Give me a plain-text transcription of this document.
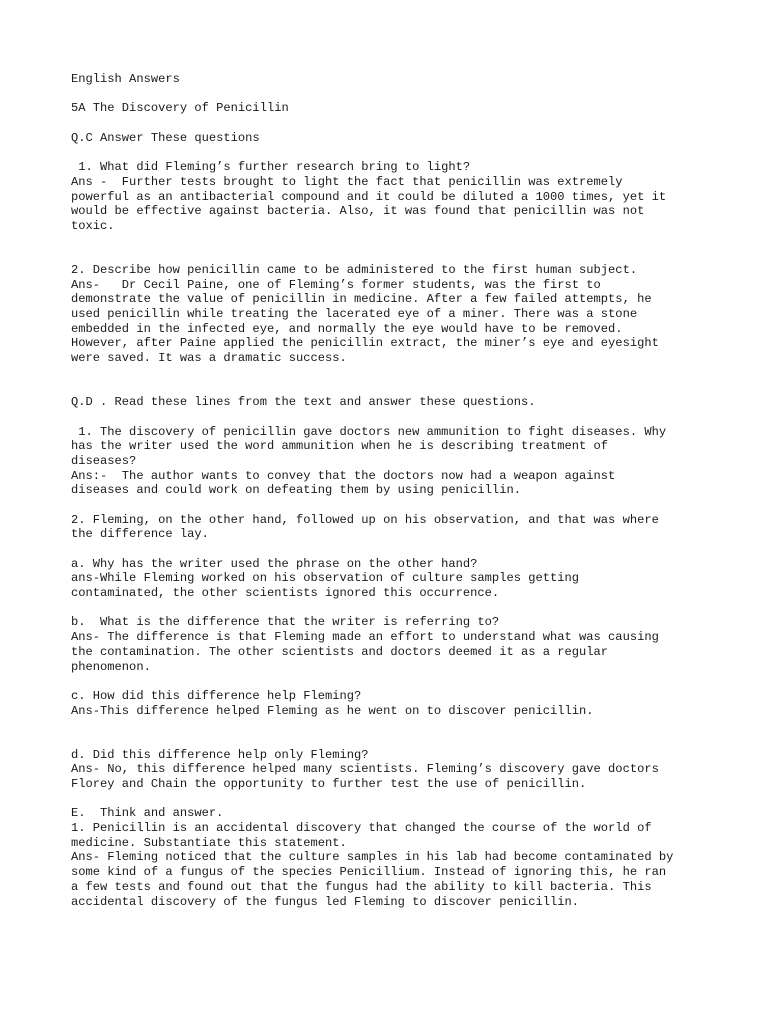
English Answers
5A The Discovery of Penicillin
Q.C Answer These questions
1. What did Fleming’s further research bring to light?
Ans -  Further tests brought to light the fact that penicillin was extremely
powerful as an antibacterial compound and it could be diluted a 1000 times, yet it
would be effective against bacteria. Also, it was found that penicillin was not
toxic.
2. Describe how penicillin came to be administered to the first human subject.
Ans-   Dr Cecil Paine, one of Fleming’s former students, was the first to
demonstrate the value of penicillin in medicine. After a few failed attempts, he
used penicillin while treating the lacerated eye of a miner. There was a stone
embedded in the infected eye, and normally the eye would have to be removed.
However, after Paine applied the penicillin extract, the miner’s eye and eyesight
were saved. It was a dramatic success.
Q.D . Read these lines from the text and answer these questions.
1. The discovery of penicillin gave doctors new ammunition to fight diseases. Why
has the writer used the word ammunition when he is describing treatment of
diseases?
Ans:-  The author wants to convey that the doctors now had a weapon against
diseases and could work on defeating them by using penicillin.
2. Fleming, on the other hand, followed up on his observation, and that was where
the difference lay.
a. Why has the writer used the phrase on the other hand?
ans-While Fleming worked on his observation of culture samples getting
contaminated, the other scientists ignored this occurrence.
b.  What is the difference that the writer is referring to?
Ans- The difference is that Fleming made an effort to understand what was causing
the contamination. The other scientists and doctors deemed it as a regular
phenomenon.
c. How did this difference help Fleming?
Ans-This difference helped Fleming as he went on to discover penicillin.
d. Did this difference help only Fleming?
Ans- No, this difference helped many scientists. Fleming’s discovery gave doctors
Florey and Chain the opportunity to further test the use of penicillin.
E.  Think and answer.
1. Penicillin is an accidental discovery that changed the course of the world of
medicine. Substantiate this statement.
Ans- Fleming noticed that the culture samples in his lab had become contaminated by
some kind of a fungus of the species Penicillium. Instead of ignoring this, he ran
a few tests and found out that the fungus had the ability to kill bacteria. This
accidental discovery of the fungus led Fleming to discover penicillin.
